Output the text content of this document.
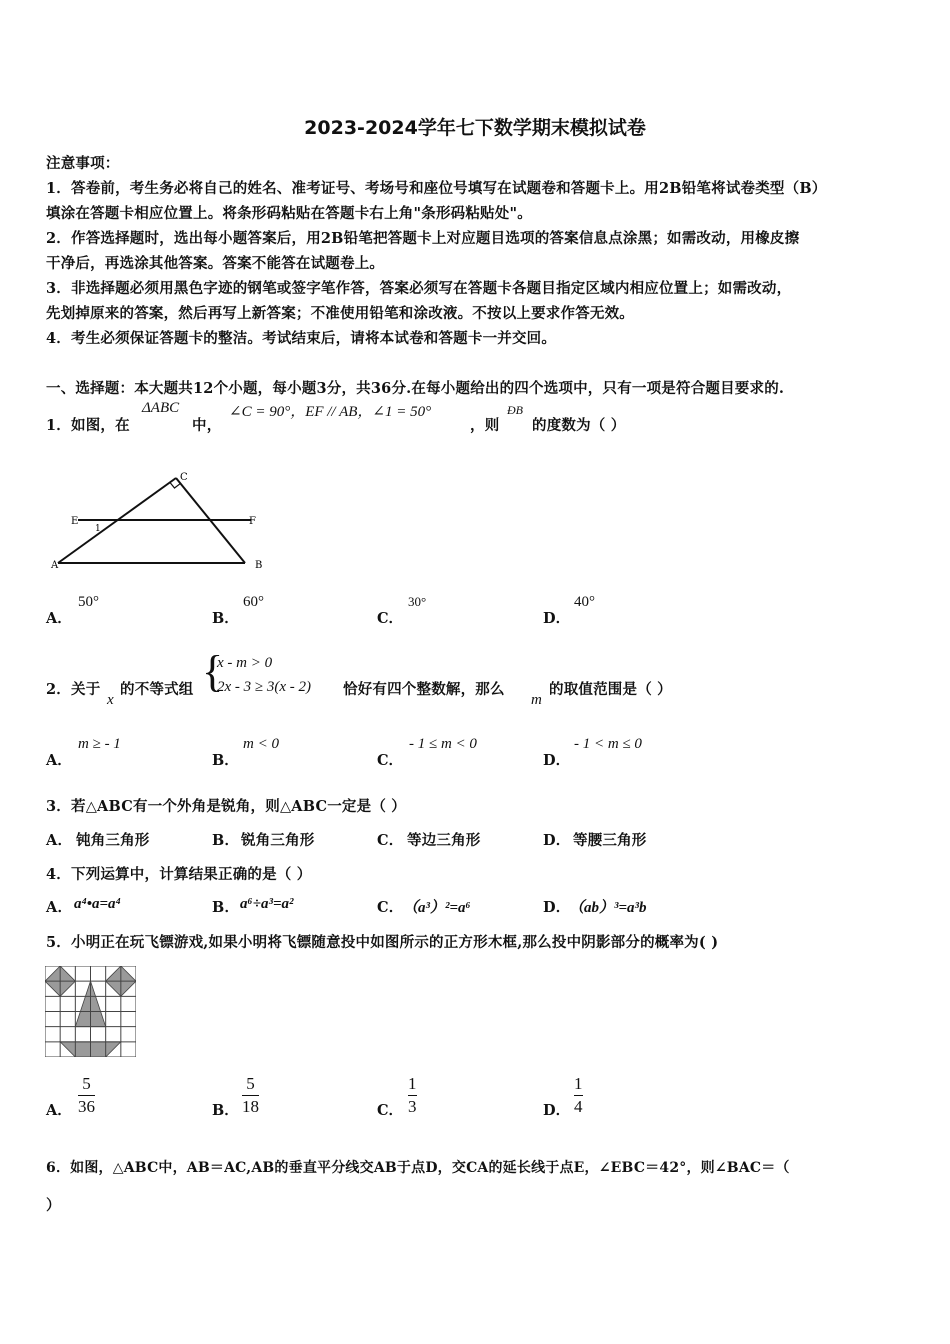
2023-2024学年七下数学期末模拟试卷
注意事项：
1．答卷前，考生务必将自己的姓名、准考证号、考场号和座位号填写在试题卷和答题卡上。用2B铅笔将试卷类型（B）
填涂在答题卡相应位置上。将条形码粘贴在答题卡右上角"条形码粘贴处"。
2．作答选择题时，选出每小题答案后，用2B铅笔把答题卡上对应题目选项的答案信息点涂黑；如需改动，用橡皮擦
干净后，再选涂其他答案。答案不能答在试题卷上。
3．非选择题必须用黑色字迹的钢笔或签字笔作答，答案必须写在答题卡各题目指定区域内相应位置上；如需改动，
先划掉原来的答案，然后再写上新答案；不准使用铅笔和涂改液。不按以上要求作答无效。
4．考生必须保证答题卡的整洁。考试结束后，请将本试卷和答题卡一并交回。
一、选择题：本大题共12个小题，每小题3分，共36分.在每小题给出的四个选项中，只有一项是符合题目要求的.
1．如图，在
ΔABC
中，
∠C = 90°，EF // AB，∠1 = 50°
，则
ÐB
的度数为（ ）
C
E	F
A	B
1
A．
50°
B．
60°
C．
30°
D．
40°
2．关于
x
的不等式组 {
x - m > 0
2x - 3 ≥ 3(x - 2) 恰好有四个整数解，那么
m
的取值范围是（ ）
A．
m ≥ - 1
B．
m < 0
C．
- 1 ≤ m < 0
D．
- 1 < m ≤ 0
3．若△ABC有一个外角是锐角，则△ABC一定是（ ）
A． 钝角三角形	B． 锐角三角形	C． 等边三角形	D． 等腰三角形
4．下列运算中，计算结果正确的是（ ）
A． a⁴•a=a⁴	B． a⁶÷a³=a²	C． （a³）²=a⁶	D．
（ab）³=a³b
5．小明正在玩飞镖游戏,如果小明将飞镖随意投中如图所示的正方形木框,那么投中阴影部分的概率为( )
A．
5
36	B．
5
18	C．
1
3	D．
1
4
6．如图，△ABC中，AB＝AC,AB的垂直平分线交AB于点D，交CA的延长线于点E，∠EBC＝42°，则∠BAC＝（
）
